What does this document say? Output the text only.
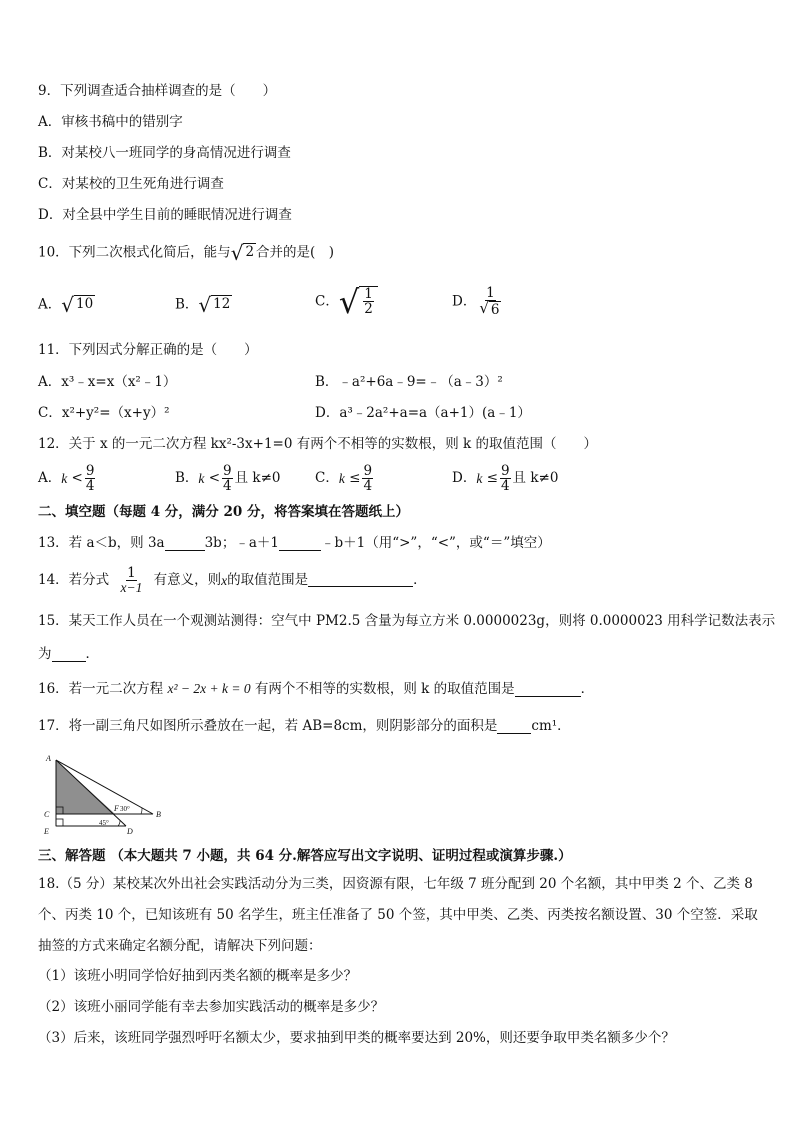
9．下列调查适合抽样调查的是（　　）
A．审核书稿中的错别字
B．对某校八一班同学的身高情况进行调查
C．对某校的卫生死角进行调查
D．对全县中学生目前的睡眠情况进行调查
10．下列二次根式化简后，能与 √ 2 合并的是(　)
A． √ 10	B． √ 12	C． √ $\frac{1}{2}$	D． $\frac{1}{√ 6}$
11．下列因式分解正确的是（　　）
A．x³﹣x=x（x²﹣1）	B．﹣a²+6a﹣9=﹣（a﹣3）²
C．x²+y²=（x+y）²	D．a³﹣2a²+a=a（a+1）(a﹣1）
12．关于 x 的一元二次方程 kx²-3x+1=0 有两个不相等的实数根，则 k 的取值范围（　　）
A．$k < \frac{9}{4}$	B．$k < \frac{9}{4}$ 且 k≠0	C．$k \le \frac{9}{4}$	D．$k \le \frac{9}{4}$ 且 k≠0
二、填空题（每题 4 分，满分 20 分，将答案填在答题纸上）
13．若 a＜b，则 3a	3b；﹣a＋1	﹣b＋1（用“>”，“<”，或“＝”填空）
14．若分式 $\frac{1}{x-1}$ 有意义，则x的取值范围是	．
15．某天工作人员在一个观测站测得：空气中 PM2.5 含量为每立方米 0.0000023g，则将 0.0000023 用科学记数法表示
为	．
16．若一元二次方程 x² − 2x + k = 0 有两个不相等的实数根，则 k 的取值范围是	．
17．将一副三角尺如图所示叠放在一起，若 AB=8cm，则阴影部分的面积是	cm¹．
A
C
E
B
D
F 30°
45°
三、解答题 （本大题共 7 小题，共 64 分.解答应写出文字说明、证明过程或演算步骤.）
18.（5 分）某校某次外出社会实践活动分为三类，因资源有限，七年级 7 班分配到 20 个名额，其中甲类 2 个、乙类 8
个、丙类 10 个，已知该班有 50 名学生，班主任准备了 50 个签，其中甲类、乙类、丙类按名额设置、30 个空签．采取
抽签的方式来确定名额分配，请解决下列问题：
（1）该班小明同学恰好抽到丙类名额的概率是多少？
（2）该班小丽同学能有幸去参加实践活动的概率是多少？
（3）后来，该班同学强烈呼吁名额太少，要求抽到甲类的概率要达到 20%，则还要争取甲类名额多少个？
